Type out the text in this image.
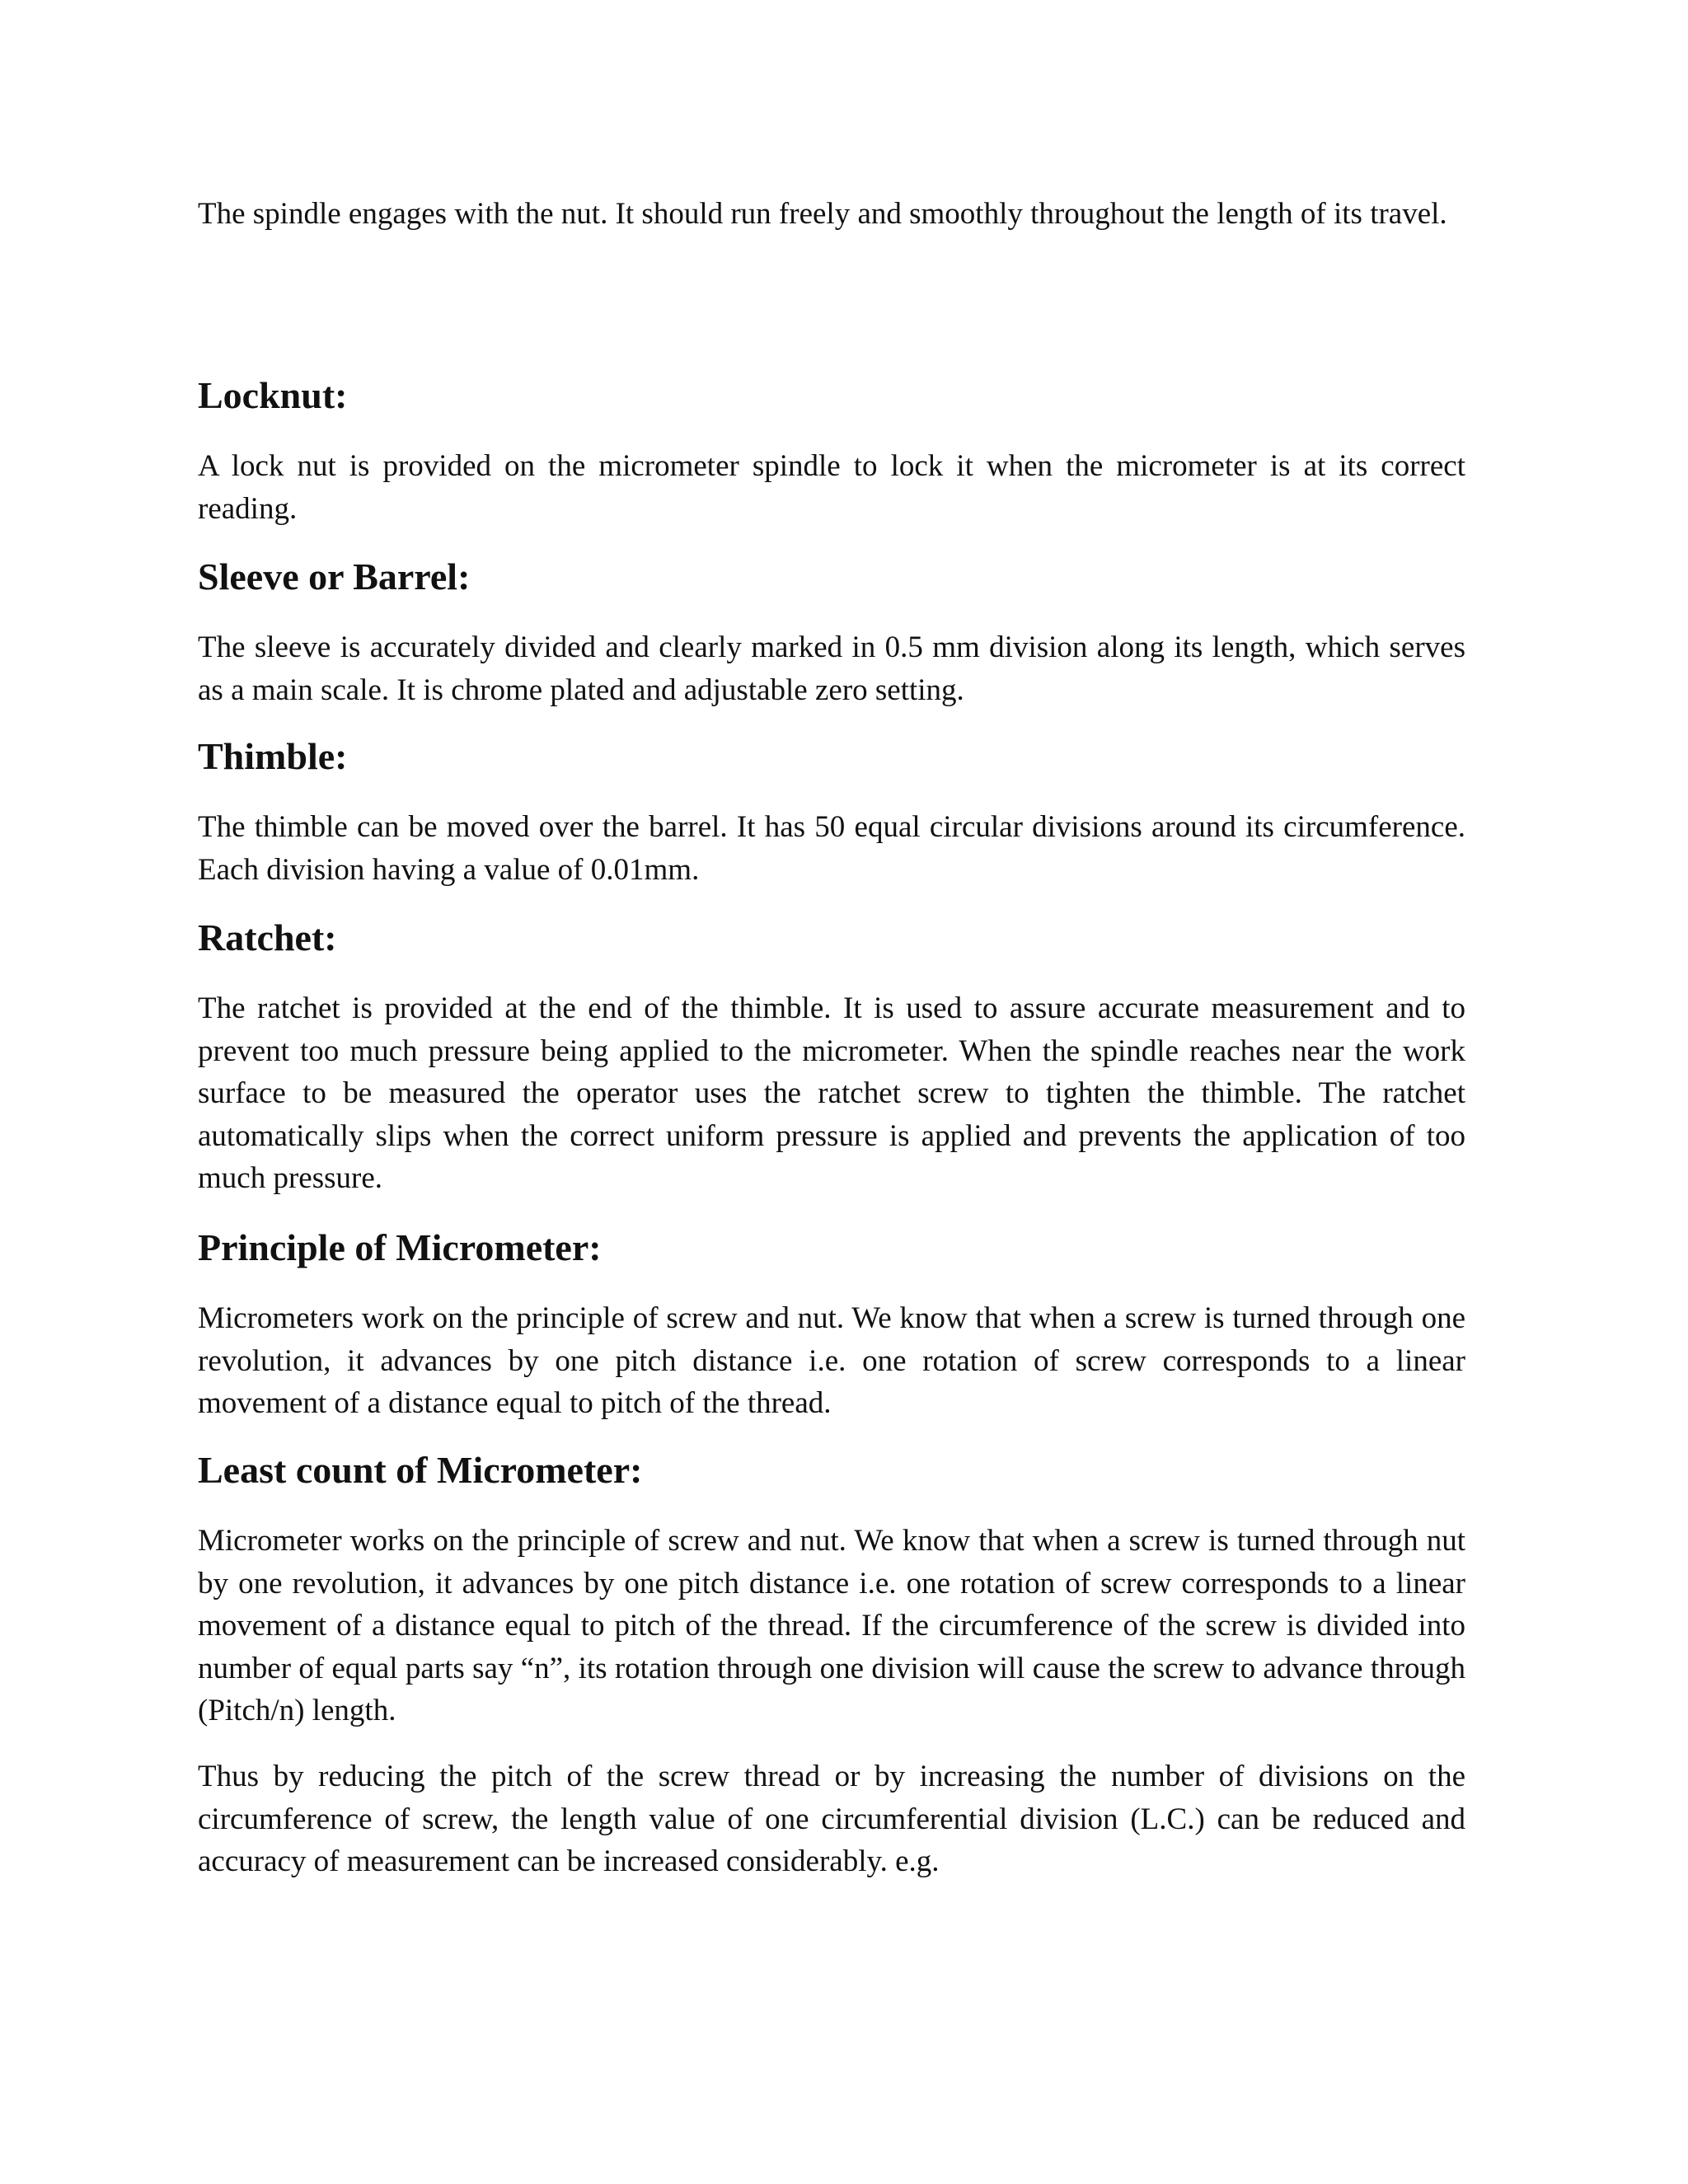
The spindle engages with the nut. It should run freely and smoothly throughout the length of its travel.

Locknut:

A lock nut is provided on the micrometer spindle to lock it when the micrometer is at its correct reading.

Sleeve or Barrel:

The sleeve is accurately divided and clearly marked in 0.5 mm division along its length, which serves as a main scale. It is chrome plated and adjustable zero setting.

Thimble:

The thimble can be moved over the barrel. It has 50 equal circular divisions around its circumference. Each division having a value of 0.01mm.

Ratchet:

The ratchet is provided at the end of the thimble. It is used to assure accurate measurement and to prevent too much pressure being applied to the micrometer. When the spindle reaches near the work surface to be measured the operator uses the ratchet screw to tighten the thimble. The ratchet automatically slips when the correct uniform pressure is applied and prevents the application of too much pressure.

Principle of Micrometer:

Micrometers work on the principle of screw and nut. We know that when a screw is turned through one revolution, it advances by one pitch distance i.e. one rotation of screw corresponds to a linear movement of a distance equal to pitch of the thread.

Least count of Micrometer:

Micrometer works on the principle of screw and nut. We know that when a screw is turned through nut by one revolution, it advances by one pitch distance i.e. one rotation of screw corresponds to a linear movement of a distance equal to pitch of the thread. If the circumference of the screw is divided into number of equal parts say “n”, its rotation through one division will cause the screw to advance through (Pitch/n) length.

Thus by reducing the pitch of the screw thread or by increasing the number of divisions on the circumference of screw, the length value of one circumferential division (L.C.) can be reduced and accuracy of measurement can be increased considerably. e.g.
